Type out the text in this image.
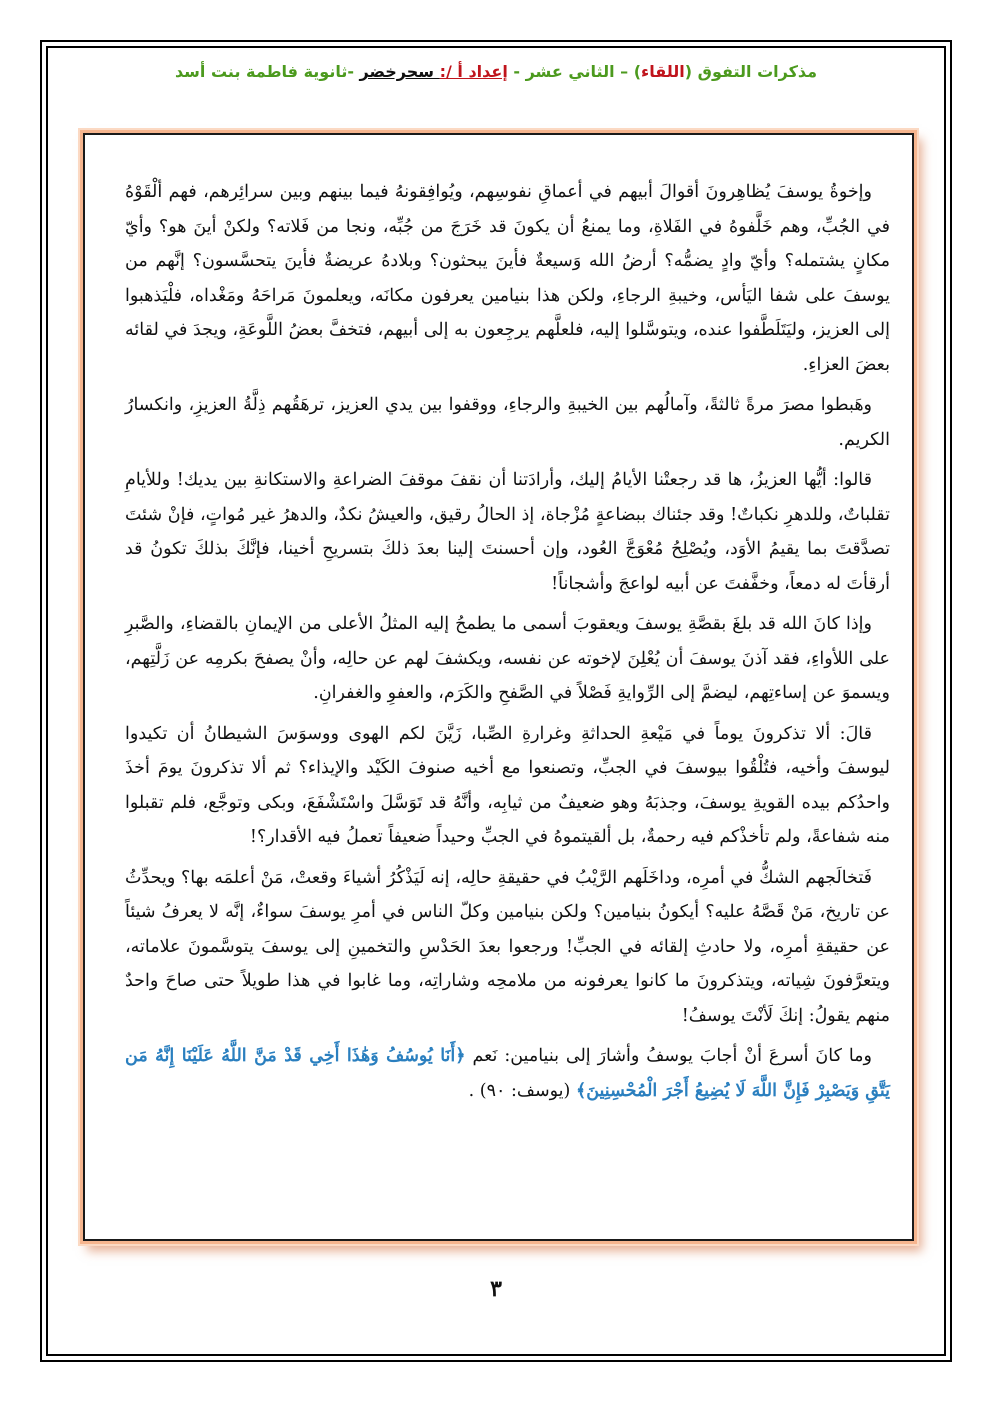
مذكرات التفوق (اللقاء) – الثاني عشر - إعداد أ /: سحرخضر -ثانوية فاطمة بنت أسد

وإخوةُ يوسفَ يُظاهِرونَ أقوالَ أبيهم في أعماقِ نفوسِهم، ويُوافِقونهُ فيما بينهم وبين سرائِرهم، فهم ألْقَوْهُ في الجُبِّ، وهم خَلَّفوهُ في الفَلاةِ، وما يمنعُ أن يكونَ قد خَرَجَ من جُبِّه، ونجا من فَلاته؟ ولكنْ أينَ هو؟ وأيّ مكانٍ يشتمله؟ وأيّ وادٍ يضمُّه؟ أرضُ الله وَسيعةٌ فأينَ يبحثون؟ وبلادهُ عريضةٌ فأينَ يتحسَّسون؟ إنَّهم من يوسفَ على شفا اليَأس، وخيبةِ الرجاءِ، ولكن هذا بنيامين يعرفون مكانَه، ويعلمونَ مَراحَهُ ومَغْداه، فلْيَذهبوا إلى العزيز، وليَتَلَطَّفوا عنده، ويتوسَّلوا إليه، فلعلَّهم يرجِعون به إلى أبيهم، فتخفَّ بعضُ اللَّوعَةِ، ويجدَ في لقائه بعضَ العزاءِ.

وهَبطوا مصرَ مرةً ثالثةً، وآمالُهم بين الخيبةِ والرجاءِ، ووقفوا بين يدي العزيز، ترهَقُهم ذِلَّةُ العزيزِ، وانكسارُ الكريم.

قالوا: أيُّها العزيزُ، ها قد رجعتْنا الأيامُ إليك، وأرادَتنا أن نقفَ موقفَ الضراعةِ والاستكانةِ بين يديك! وللأيامِ تقلباتٌ، وللدهرِ نكباتٌ! وقد جئناك ببضاعةٍ مُزْجاة، إذ الحالُ رقيق، والعيشُ نكدٌ، والدهرُ غير مُواتٍ، فإنْ شئتَ تصدَّقتَ بما يقيمُ الأوَد، ويُصْلِحُ مُعْوَجَّ العُود، وإن أحسنتَ إلينا بعدَ ذلكَ بتسريحِ أخينا، فإنَّكَ بذلكَ تكونُ قد أرقأتَ له دمعاً، وخفَّفتَ عن أبيه لواعجَ وأشجاناً!

وإذا كانَ الله قد بلغَ بقصَّةِ يوسفَ ويعقوبَ أسمى ما يطمحُ إليه المثلُ الأعلى من الإيمانِ بالقضاءِ، والصَّبرِ على اللأواءِ، فقد آذنَ يوسفَ أن يُعْلِنَ لإخوته عن نفسه، ويكشفَ لهم عن حالِه، وأنْ يصفحَ بكرمِه عن زَلَّتِهم، ويسموَ عن إساءتِهم، ليضمَّ إلى الرِّوايةِ فَصْلاً في الصَّفحِ والكَرَم، والعفوِ والغفرانِ.

قالَ: ألا تذكرونَ يوماً في مَيْعةِ الحداثةِ وغرارةِ الصِّبا، زَيَّنَ لكم الهوى ووسوَسَ الشيطانُ أن تكيدوا ليوسفَ وأخيه، فتُلْقُوا بيوسفَ في الجبِّ، وتصنعوا مع أخيه صنوفَ الكَيْد والإيذاء؟ ثم ألا تذكرونَ يومَ أخذَ واحدُكم بيده القويةِ يوسفَ، وجذبَهُ وهو ضعيفٌ من ثيابِه، وأنَّهُ قد تَوَسَّلَ واسْتَشْفَعَ، وبكى وتوجَّع، فلم تقبلوا منه شفاعةً، ولم تأخذْكم فيه رحمةٌ، بل ألقيتموهُ في الجبِّ وحيداً ضعيفاً تعملُ فيه الأقدار؟!

فَتخالَجهم الشكُّ في أمرِه، وداخَلَهم الرَّيْبُ في حقيقةِ حالِه، إنه لَيَذْكُرُ أشياءَ وقعتْ، مَنْ أعلمَه بها؟ ويحدِّثُ عن تاريخ، مَنْ قَصَّهُ عليه؟ أيكونُ بنيامين؟ ولكن بنيامين وكلّ الناس في أمرِ يوسفَ سواءٌ، إنَّه لا يعرفُ شيئاً عن حقيقةِ أمرِه، ولا حادثِ إلقائه في الجبِّ! ورجعوا بعدَ الحَدْسِ والتخمينِ إلى يوسفَ يتوسَّمونَ علاماته، ويتعرَّفونَ شِياته، ويتذكرونَ ما كانوا يعرفونه من ملامحِه وشاراتِه، وما غابوا في هذا طويلاً حتى صاحَ واحدٌ منهم يقولُ: إنكَ لَأنْتَ يوسفُ!

وما كانَ أسرعَ أنْ أجابَ يوسفُ وأشارَ إلى بنيامين: نَعم ﴿أَنَا يُوسُفُ وَهَٰذَا أَخِي قَدْ مَنَّ اللَّهُ عَلَيْنَا إِنَّهُ مَن يَتَّقِ وَيَصْبِرْ فَإِنَّ اللَّهَ لَا يُضِيعُ أَجْرَ الْمُحْسِنِينَ﴾ (يوسف: ٩٠) .

٣
